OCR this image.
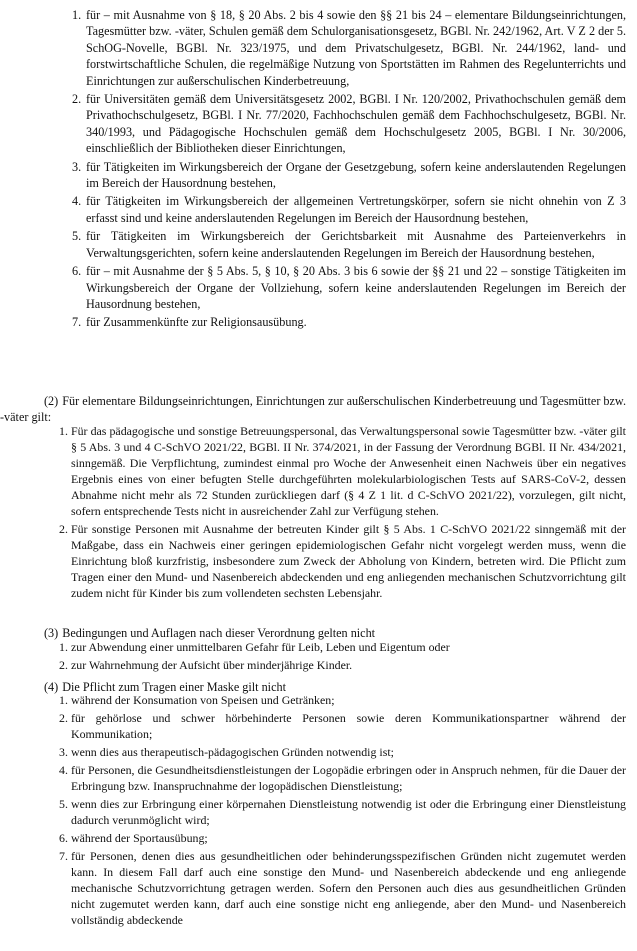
1. für – mit Ausnahme von § 18, § 20 Abs. 2 bis 4 sowie den §§ 21 bis 24 – elementare Bildungseinrichtungen, Tagesmütter bzw. -väter, Schulen gemäß dem Schulorganisationsgesetz, BGBl. Nr. 242/1962, Art. V Z 2 der 5. SchOG-Novelle, BGBl. Nr. 323/1975, und dem Privatschulgesetz, BGBl. Nr. 244/1962, land- und forstwirtschaftliche Schulen, die regelmäßige Nutzung von Sportstätten im Rahmen des Regelunterrichts und Einrichtungen zur außerschulischen Kinderbetreuung,
2. für Universitäten gemäß dem Universitätsgesetz 2002, BGBl. I Nr. 120/2002, Privathochschulen gemäß dem Privathochschulgesetz, BGBl. I Nr. 77/2020, Fachhochschulen gemäß dem Fachhochschulgesetz, BGBl. Nr. 340/1993, und Pädagogische Hochschulen gemäß dem Hochschulgesetz 2005, BGBl. I Nr. 30/2006, einschließlich der Bibliotheken dieser Einrichtungen,
3. für Tätigkeiten im Wirkungsbereich der Organe der Gesetzgebung, sofern keine anderslautenden Regelungen im Bereich der Hausordnung bestehen,
4. für Tätigkeiten im Wirkungsbereich der allgemeinen Vertretungskörper, sofern sie nicht ohnehin von Z 3 erfasst sind und keine anderslautenden Regelungen im Bereich der Hausordnung bestehen,
5. für Tätigkeiten im Wirkungsbereich der Gerichtsbarkeit mit Ausnahme des Parteienverkehrs in Verwaltungsgerichten, sofern keine anderslautenden Regelungen im Bereich der Hausordnung bestehen,
6. für – mit Ausnahme der § 5 Abs. 5, § 10, § 20 Abs. 3 bis 6 sowie der §§ 21 und 22 – sonstige Tätigkeiten im Wirkungsbereich der Organe der Vollziehung, sofern keine anderslautenden Regelungen im Bereich der Hausordnung bestehen,
7. für Zusammenkünfte zur Religionsausübung.
(2) Für elementare Bildungseinrichtungen, Einrichtungen zur außerschulischen Kinderbetreuung und Tagesmütter bzw. -väter gilt:
1. Für das pädagogische und sonstige Betreuungspersonal, das Verwaltungspersonal sowie Tagesmütter bzw. -väter gilt § 5 Abs. 3 und 4 C-SchVO 2021/22, BGBl. II Nr. 374/2021, in der Fassung der Verordnung BGBl. II Nr. 434/2021, sinngemäß. Die Verpflichtung, zumindest einmal pro Woche der Anwesenheit einen Nachweis über ein negatives Ergebnis eines von einer befugten Stelle durchgeführten molekularbiologischen Tests auf SARS-CoV-2, dessen Abnahme nicht mehr als 72 Stunden zurückliegen darf (§ 4 Z 1 lit. d C-SchVO 2021/22), vorzulegen, gilt nicht, sofern entsprechende Tests nicht in ausreichender Zahl zur Verfügung stehen.
2. Für sonstige Personen mit Ausnahme der betreuten Kinder gilt § 5 Abs. 1 C-SchVO 2021/22 sinngemäß mit der Maßgabe, dass ein Nachweis einer geringen epidemiologischen Gefahr nicht vorgelegt werden muss, wenn die Einrichtung bloß kurzfristig, insbesondere zum Zweck der Abholung von Kindern, betreten wird. Die Pflicht zum Tragen einer den Mund- und Nasenbereich abdeckenden und eng anliegenden mechanischen Schutzvorrichtung gilt zudem nicht für Kinder bis zum vollendeten sechsten Lebensjahr.
(3) Bedingungen und Auflagen nach dieser Verordnung gelten nicht
1. zur Abwendung einer unmittelbaren Gefahr für Leib, Leben und Eigentum oder
2. zur Wahrnehmung der Aufsicht über minderjährige Kinder.
(4) Die Pflicht zum Tragen einer Maske gilt nicht
1. während der Konsumation von Speisen und Getränken;
2. für gehörlose und schwer hörbehinderte Personen sowie deren Kommunikationspartner während der Kommunikation;
3. wenn dies aus therapeutisch-pädagogischen Gründen notwendig ist;
4. für Personen, die Gesundheitsdienstleistungen der Logopädie erbringen oder in Anspruch nehmen, für die Dauer der Erbringung bzw. Inanspruchnahme der logopädischen Dienstleistung;
5. wenn dies zur Erbringung einer körpernahen Dienstleistung notwendig ist oder die Erbringung einer Dienstleistung dadurch verunmöglicht wird;
6. während der Sportausübung;
7. für Personen, denen dies aus gesundheitlichen oder behinderungsspezifischen Gründen nicht zugemutet werden kann. In diesem Fall darf auch eine sonstige den Mund- und Nasenbereich abdeckende und eng anliegende mechanische Schutzvorrichtung getragen werden. Sofern den Personen auch dies aus gesundheitlichen Gründen nicht zugemutet werden kann, darf auch eine sonstige nicht eng anliegende, aber den Mund- und Nasenbereich vollständig abdeckende
